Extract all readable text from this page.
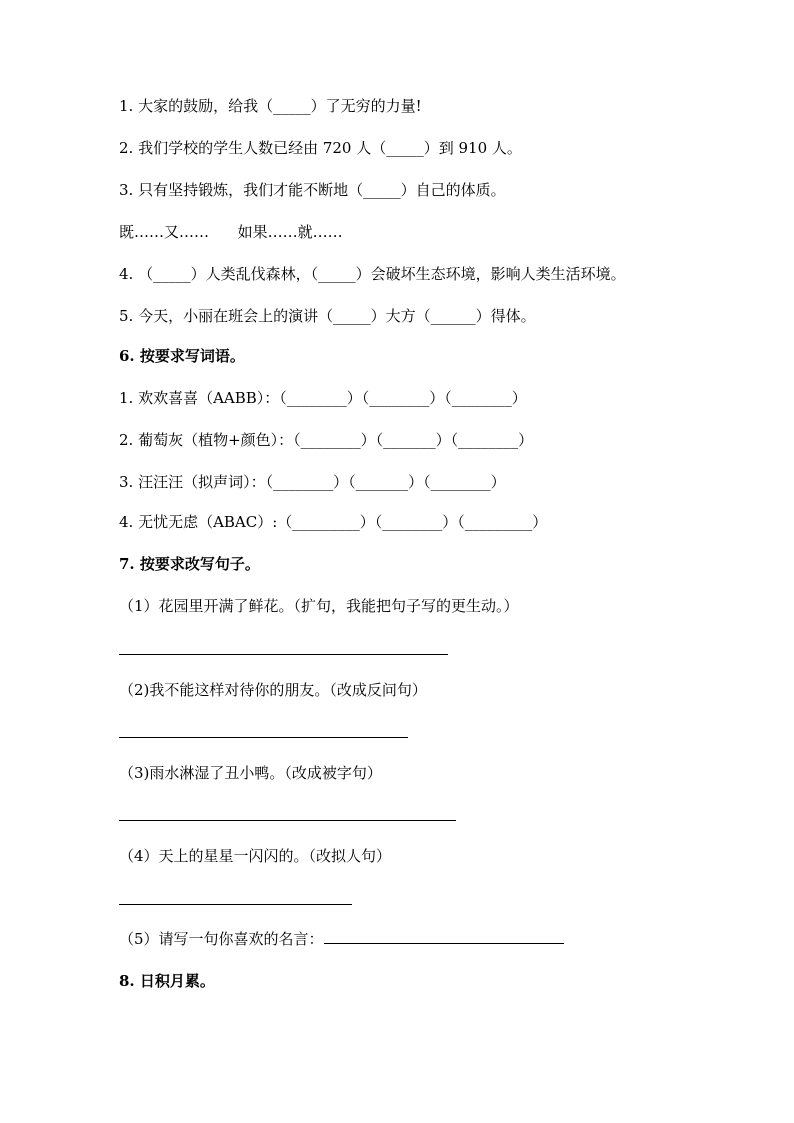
1. 大家的鼓励，给我（_____）了无穷的力量!
2. 我们学校的学生人数已经由 720 人（_____）到 910 人。
3. 只有坚持锻炼，我们才能不断地（_____）自己的体质。
既……又……      如果……就……
4. （_____）人类乱伐森林，（_____）会破坏生态环境，影响人类生活环境。
5. 今天，小丽在班会上的演讲（_____）大方（______）得体。
6. 按要求写词语。
1. 欢欢喜喜（AABB）：（________）（________）（________）
2. 葡萄灰（植物+颜色）：（________）（_______）（________）
3. 汪汪汪（拟声词）：（________）（_______）（________）
4. 无忧无虑（ABAC）:（_________）（________）（_________）
7. 按要求改写句子。
（1）花园里开满了鲜花。（扩句，我能把句子写的更生动。）
（2)我不能这样对待你的朋友。（改成反问句）
（3)雨水淋湿了丑小鸭。（改成被字句）
（4）天上的星星一闪闪的。（改拟人句）
（5）请写一句你喜欢的名言：
8. 日积月累。
